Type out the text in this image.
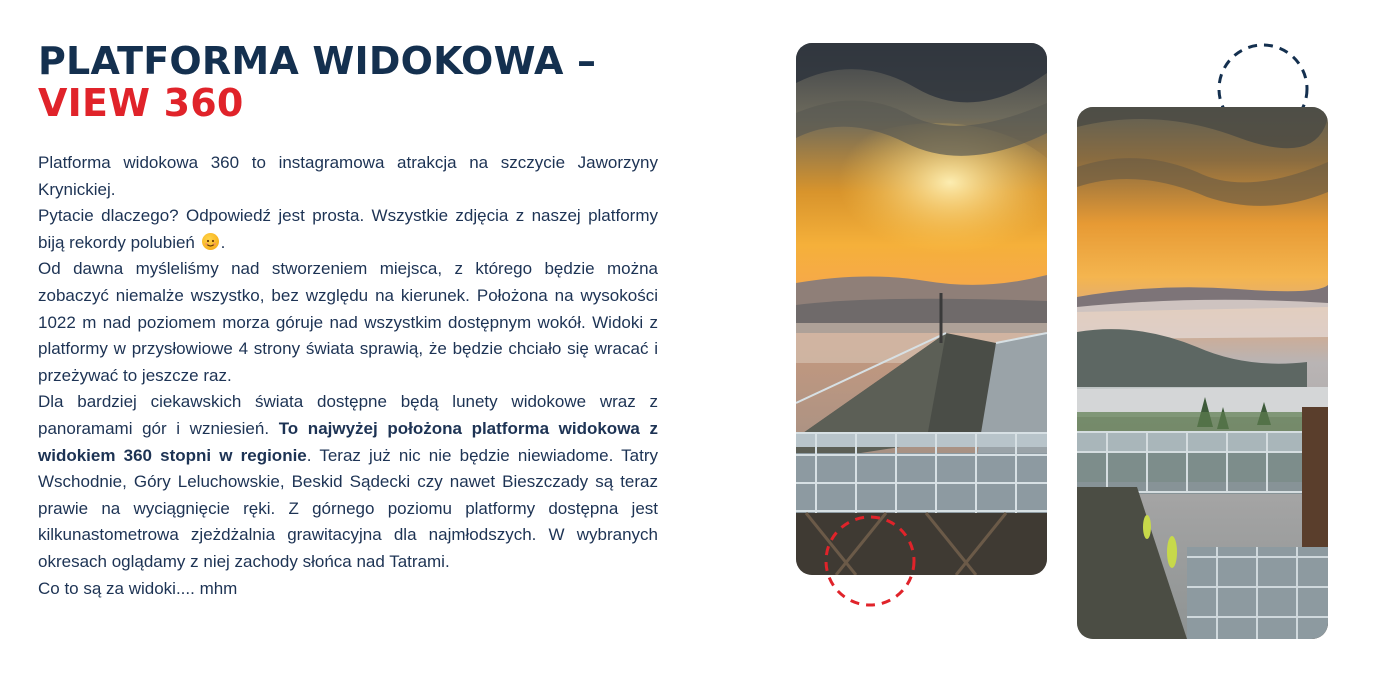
PLATFORMA WIDOKOWA –
VIEW 360

Platforma widokowa 360 to instagramowa atrakcja na szczycie Jaworzyny Krynickiej.

Pytacie dlaczego? Odpowiedź jest prosta. Wszystkie zdjęcia z naszej platformy biją rekordy polubień .

Od dawna myśleliśmy nad stworzeniem miejsca, z którego będzie można zobaczyć niemalże wszystko, bez względu na kierunek. Położona na wysokości 1022 m nad poziomem morza góruje nad wszystkim dostępnym wokół. Widoki z platformy w przysłowiowe 4 strony świata sprawią, że będzie chciało się wracać i przeżywać to jeszcze raz.

Dla bardziej ciekawskich świata dostępne będą lunety widokowe wraz z panoramami gór i wzniesień. To najwyżej położona platforma widokowa z widokiem 360 stopni w regionie. Teraz już nic nie będzie niewiadome. Tatry Wschodnie, Góry Leluchowskie, Beskid Sądecki czy nawet Bieszczady są teraz prawie na wyciągnięcie ręki. Z górnego poziomu platformy dostępna jest kilkunastometrowa zjeżdżalnia grawitacyjna dla najmłodszych. W wybranych okresach oglądamy z niej zachody słońca nad Tatrami.

Co to są za widoki.... mhm
